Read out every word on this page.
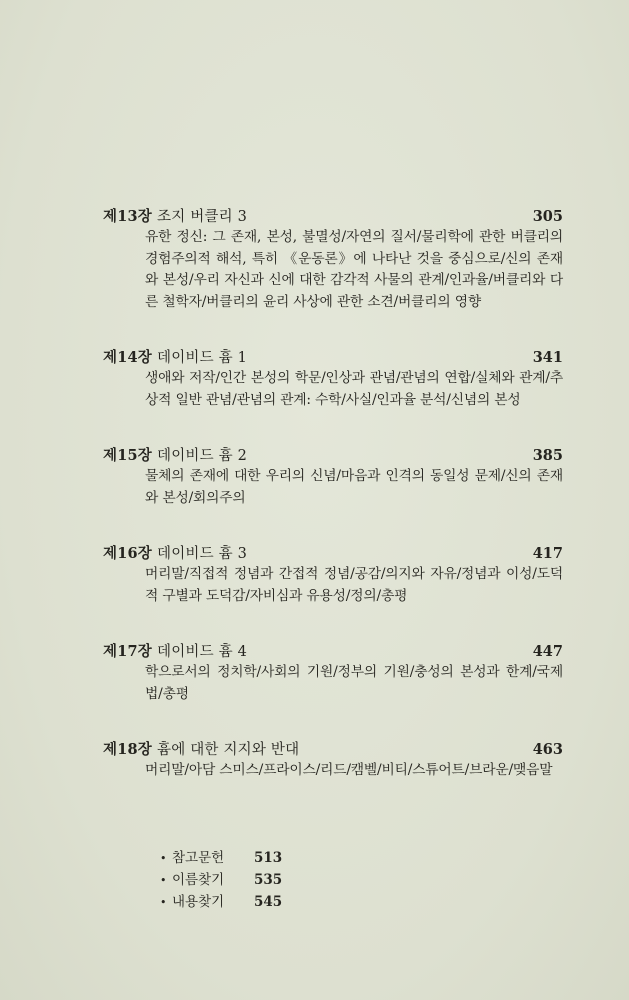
제13장 조지 버클리 3	305

유한 정신: 그 존재, 본성, 불멸성/자연의 질서/물리학에 관한 버클리의 경험주의적 해석, 특히 《운동론》에 나타난 것을 중심으로/신의 존재와 본성/우리 자신과 신에 대한 감각적 사물의 관계/인과율/버클리와 다른 철학자/버클리의 윤리 사상에 관한 소견/버클리의 영향

제14장 데이비드 흄 1	341

생애와 저작/인간 본성의 학문/인상과 관념/관념의 연합/실체와 관계/추상적 일반 관념/관념의 관계: 수학/사실/인과율 분석/신념의 본성

제15장 데이비드 흄 2	385

물체의 존재에 대한 우리의 신념/마음과 인격의 동일성 문제/신의 존재와 본성/회의주의

제16장 데이비드 흄 3	417

머리말/직접적 정념과 간접적 정념/공감/의지와 자유/정념과 이성/도덕적 구별과 도덕감/자비심과 유용성/정의/총평

제17장 데이비드 흄 4	447

학으로서의 정치학/사회의 기원/정부의 기원/충성의 본성과 한계/국제법/총평

제18장 흄에 대한 지지와 반대	463

머리말/아담 스미스/프라이스/리드/캠벨/비티/스튜어트/브라운/맺음말

• 참고문헌	513
• 이름찾기	535
• 내용찾기	545
